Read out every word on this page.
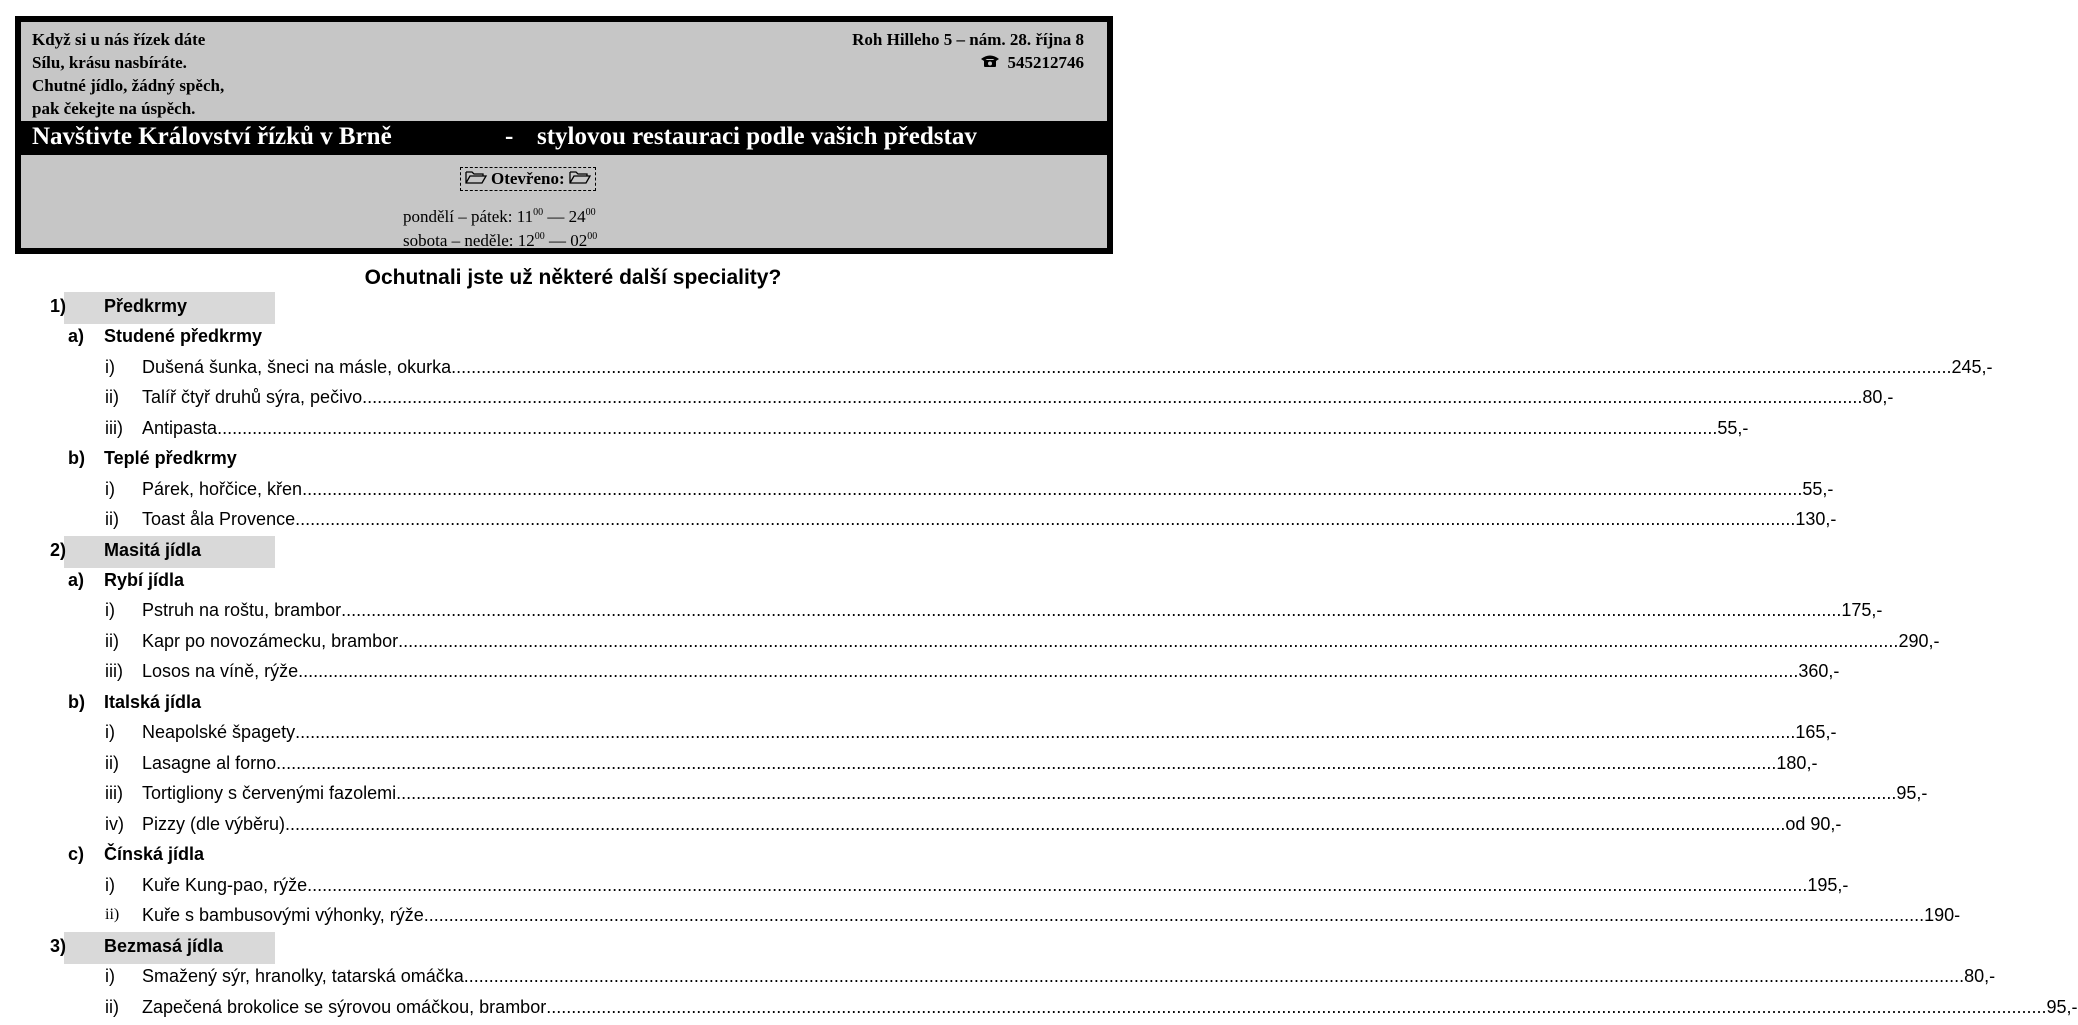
Když si u nás řízek dáte
Sílu, krásu nasbíráte.
Chutné jídlo, žádný spěch,
pak čekejte na úspěch.
Roh Hilleho 5 – nám. 28. října 8
545212746
Navštivte Království řízků v Brně	- stylovou restauraci podle vašich představ
Otevřeno:
pondělí – pátek: $11^{00}$ — $24^{00}$
sobota – neděle: $12^{00}$ — $02^{00}$
Ochutnali jste už některé další speciality?
1) Předkrmy
a) Studené předkrmy
i) Dušená šunka, šneci na másle, okurka ............................................................................................................................................................................................................................................................................................................ 245,-
ii) Talíř čtyř druhů sýra, pečivo ............................................................................................................................................................................................................................................................................................................ 80,-
iii) Antipasta ............................................................................................................................................................................................................................................................................................................ 55,-
b) Teplé předkrmy
i) Párek, hořčice, křen ............................................................................................................................................................................................................................................................................................................ 55,-
ii) Toast åla Provence ............................................................................................................................................................................................................................................................................................................ 130,-
2) Masitá jídla
a) Rybí jídla
i) Pstruh na roštu, brambor ............................................................................................................................................................................................................................................................................................................ 175,-
ii) Kapr po novozámecku, brambor ............................................................................................................................................................................................................................................................................................................ 290,-
iii) Losos na víně, rýže ............................................................................................................................................................................................................................................................................................................ 360,-
b) Italská jídla
i) Neapolské špagety ............................................................................................................................................................................................................................................................................................................ 165,-
ii) Lasagne al forno ............................................................................................................................................................................................................................................................................................................ 180,-
iii) Tortigliony s červenými fazolemi ............................................................................................................................................................................................................................................................................................................ 95,-
iv) Pizzy (dle výběru) ............................................................................................................................................................................................................................................................................................................ od 90,-
c) Čínská jídla
i) Kuře Kung-pao, rýže ............................................................................................................................................................................................................................................................................................................ 195,-
ii) Kuře s bambusovými výhonky, rýže ............................................................................................................................................................................................................................................................................................................ 190-
3) Bezmasá jídla
i) Smažený sýr, hranolky, tatarská omáčka ............................................................................................................................................................................................................................................................................................................ 80,-
ii) Zapečená brokolice se sýrovou omáčkou, brambor ............................................................................................................................................................................................................................................................................................................ 95,-
